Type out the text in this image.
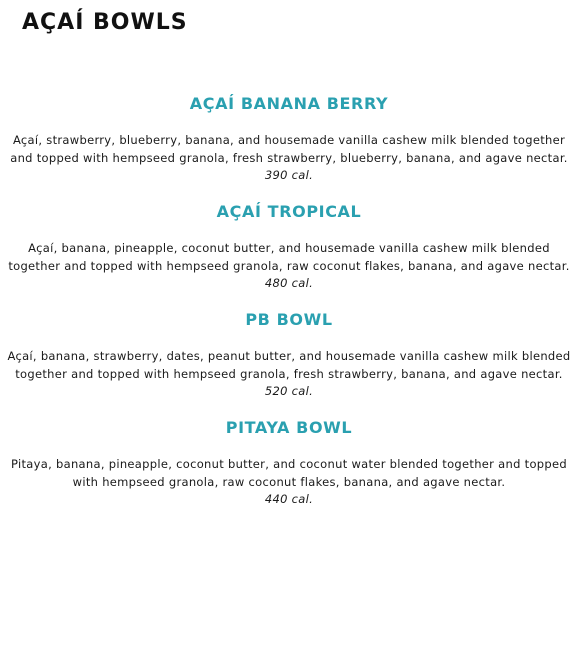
AÇAÍ BOWLS
AÇAÍ BANANA BERRY

Açaí, strawberry, blueberry, banana, and housemade vanilla cashew milk blended together and topped with hempseed granola, fresh strawberry, blueberry, banana, and agave nectar.

390 cal.

AÇAÍ TROPICAL

Açaí, banana, pineapple, coconut butter, and housemade vanilla cashew milk blended together and topped with hempseed granola, raw coconut flakes, banana, and agave nectar.

480 cal.

PB BOWL

Açaí, banana, strawberry, dates, peanut butter, and housemade vanilla cashew milk blended together and topped with hempseed granola, fresh strawberry, banana, and agave nectar.

520 cal.

PITAYA BOWL

Pitaya, banana, pineapple, coconut butter, and coconut water blended together and topped with hempseed granola, raw coconut flakes, banana, and agave nectar.

440 cal.
